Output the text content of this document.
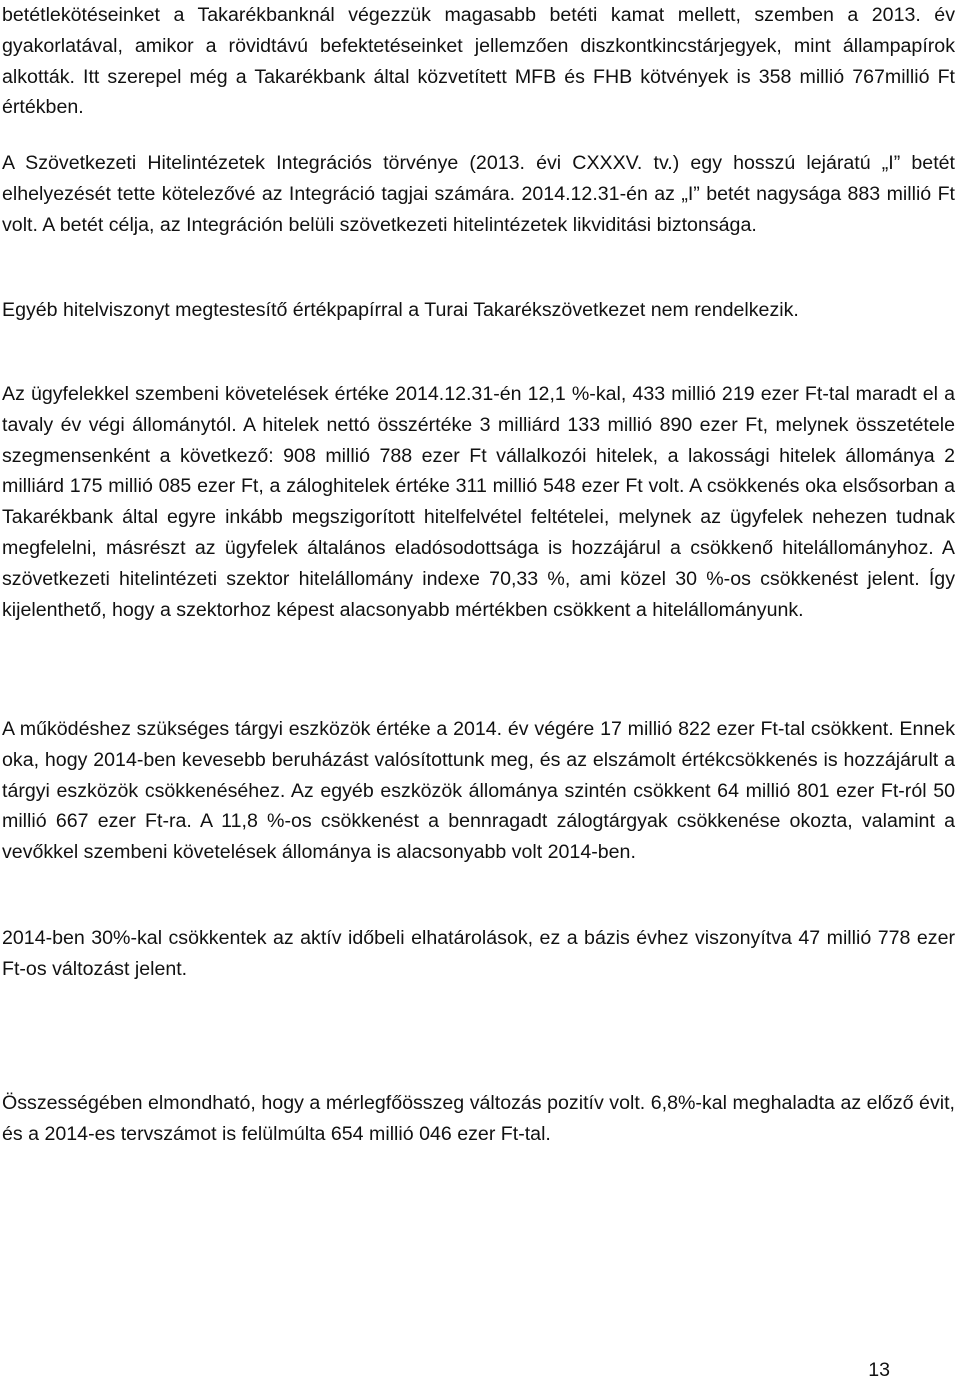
betétlekötéseinket a Takarékbanknál végezzük magasabb betéti kamat mellett, szemben a 2013. év gyakorlatával, amikor a rövidtávú befektetéseinket jellemzően diszkontkincstárjegyek, mint állampapírok alkották. Itt szerepel még a Takarékbank által közvetített MFB és FHB kötvények is 358 millió 767millió Ft értékben.

A Szövetkezeti Hitelintézetek Integrációs törvénye (2013. évi CXXXV. tv.) egy hosszú lejáratú „I” betét elhelyezését tette kötelezővé az Integráció tagjai számára. 2014.12.31-én az „I” betét nagysága 883 millió Ft volt. A betét célja, az Integráción belüli szövetkezeti hitelintézetek likviditási biztonsága.

Egyéb hitelviszonyt megtestesítő értékpapírral a Turai Takarékszövetkezet nem rendelkezik.

Az ügyfelekkel szembeni követelések értéke 2014.12.31-én 12,1 %-kal, 433 millió 219 ezer Ft-tal maradt el a tavaly év végi állománytól. A hitelek nettó összértéke 3 milliárd 133 millió 890 ezer Ft, melynek összetétele szegmensenként a következő: 908 millió 788 ezer Ft vállalkozói hitelek, a lakossági hitelek állománya 2 milliárd 175 millió 085 ezer Ft, a záloghitelek értéke 311 millió 548 ezer Ft volt. A csökkenés oka elsősorban a Takarékbank által egyre inkább megszigorított hitelfelvétel feltételei, melynek az ügyfelek nehezen tudnak megfelelni, másrészt az ügyfelek általános eladósodottsága is hozzájárul a csökkenő hitelállományhoz. A szövetkezeti hitelintézeti szektor hitelállomány indexe 70,33 %, ami közel 30 %-os csökkenést jelent. Így kijelenthető, hogy a szektorhoz képest alacsonyabb mértékben csökkent a hitelállományunk.

A működéshez szükséges tárgyi eszközök értéke a 2014. év végére 17 millió 822 ezer Ft-tal csökkent. Ennek oka, hogy 2014-ben kevesebb beruházást valósítottunk meg, és az elszámolt értékcsökkenés is hozzájárult a tárgyi eszközök csökkenéséhez. Az egyéb eszközök állománya szintén csökkent 64 millió 801 ezer Ft-ról 50 millió 667 ezer Ft-ra. A 11,8 %-os csökkenést a bennragadt zálogtárgyak csökkenése okozta, valamint a vevőkkel szembeni követelések állománya is alacsonyabb volt 2014-ben.

2014-ben 30%-kal csökkentek az aktív időbeli elhatárolások, ez a bázis évhez viszonyítva 47 millió 778 ezer Ft-os változást jelent.

Összességében elmondható, hogy a mérlegfőösszeg változás pozitív volt. 6,8%-kal meghaladta az előző évit, és a 2014-es tervszámot is felülmúlta 654 millió 046 ezer Ft-tal.

13
